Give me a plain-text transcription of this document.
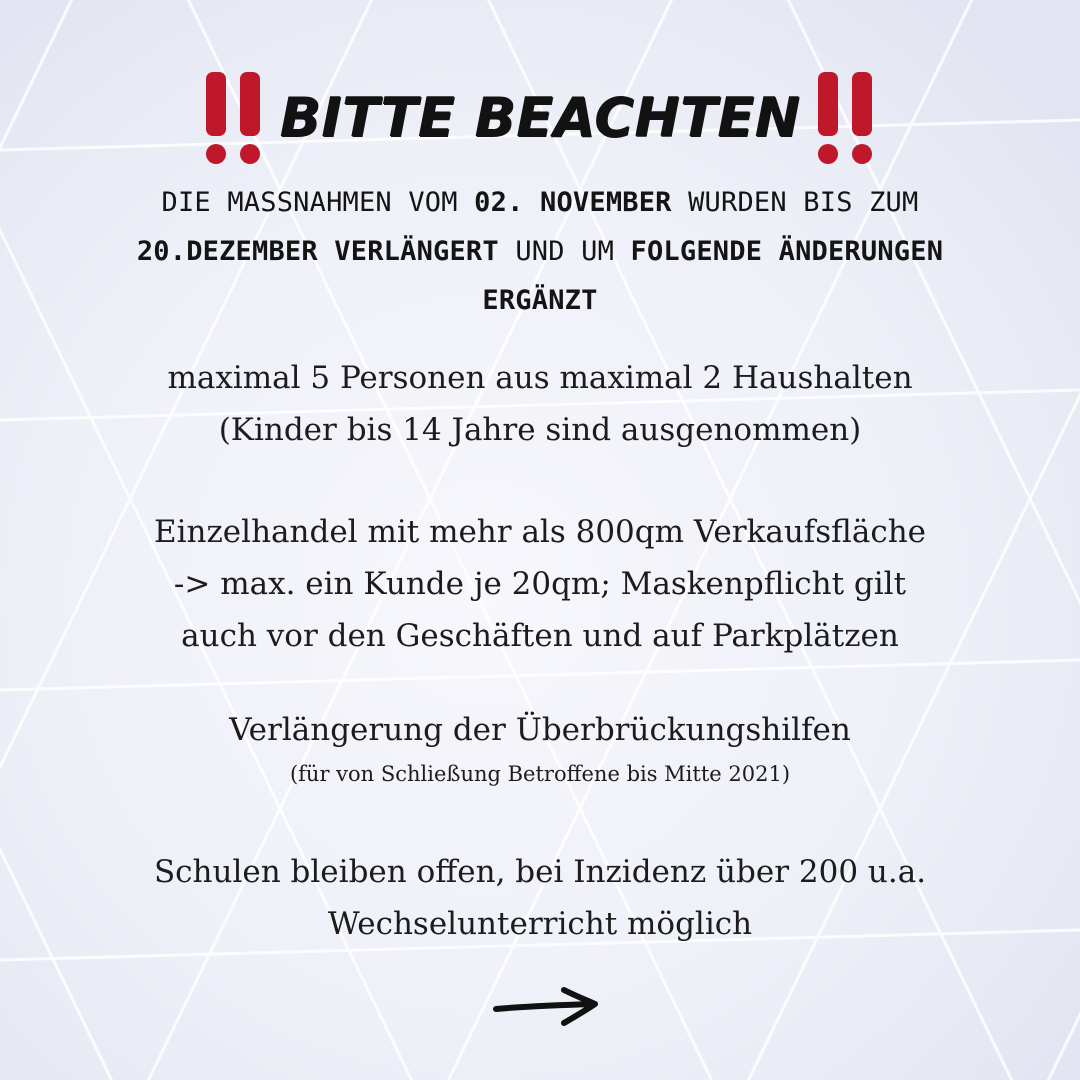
BITTE BEACHTEN
DIE MASSNAHMEN VOM 02. NOVEMBER WURDEN BIS ZUM
20.DEZEMBER VERLÄNGERT UND UM FOLGENDE ÄNDERUNGEN ERGÄNZT
maximal 5 Personen aus maximal 2 Haushalten
(Kinder bis 14 Jahre sind ausgenommen)
Einzelhandel mit mehr als 800qm Verkaufsfläche
-> max. ein Kunde je 20qm; Maskenpflicht gilt
auch vor den Geschäften und auf Parkplätzen
Verlängerung der Überbrückungshilfen
(für von Schließung Betroffene bis Mitte 2021)
Schulen bleiben offen, bei Inzidenz über 200 u.a.
Wechselunterricht möglich
